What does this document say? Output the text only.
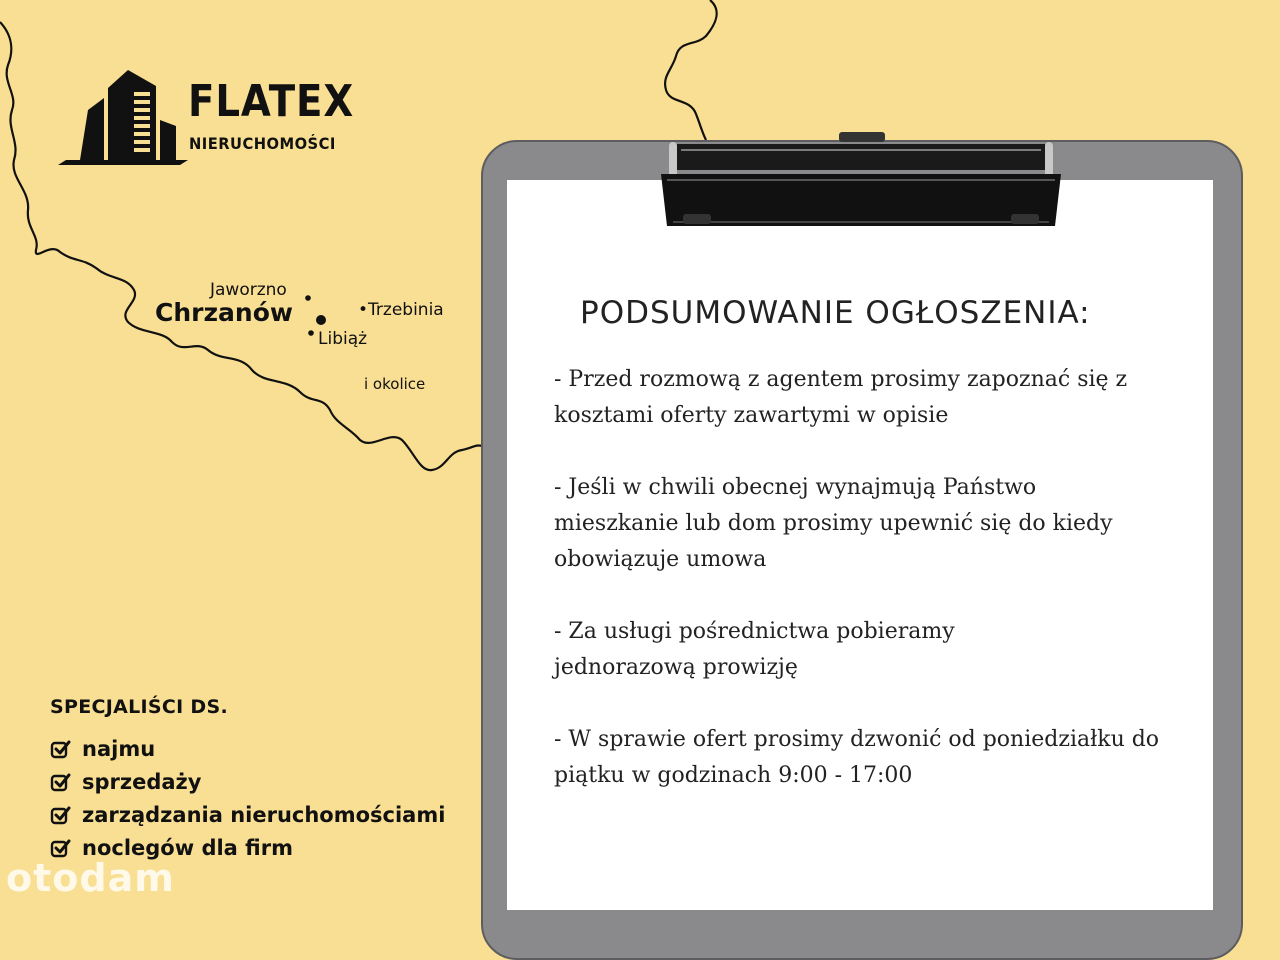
FLATEX
NIERUCHOMOŚCI
Jaworzno
Chrzanów	•Trzebinia
Libiąż
i okolice
SPECJALIŚCI DS.
najmu
sprzedaży
zarządzania nieruchomościami
noclegów dla firm
otodam
PODSUMOWANIE OGŁOSZENIA:
- Przed rozmową z agentem prosimy zapoznać się z kosztami oferty zawartymi w opisie
- Jeśli w chwili obecnej wynajmują Państwo mieszkanie lub dom prosimy upewnić się do kiedy obowiązuje umowa
- Za usługi pośrednictwa pobieramy jednorazową prowizję
- W sprawie ofert prosimy dzwonić od poniedziałku do piątku w godzinach 9:00 - 17:00
